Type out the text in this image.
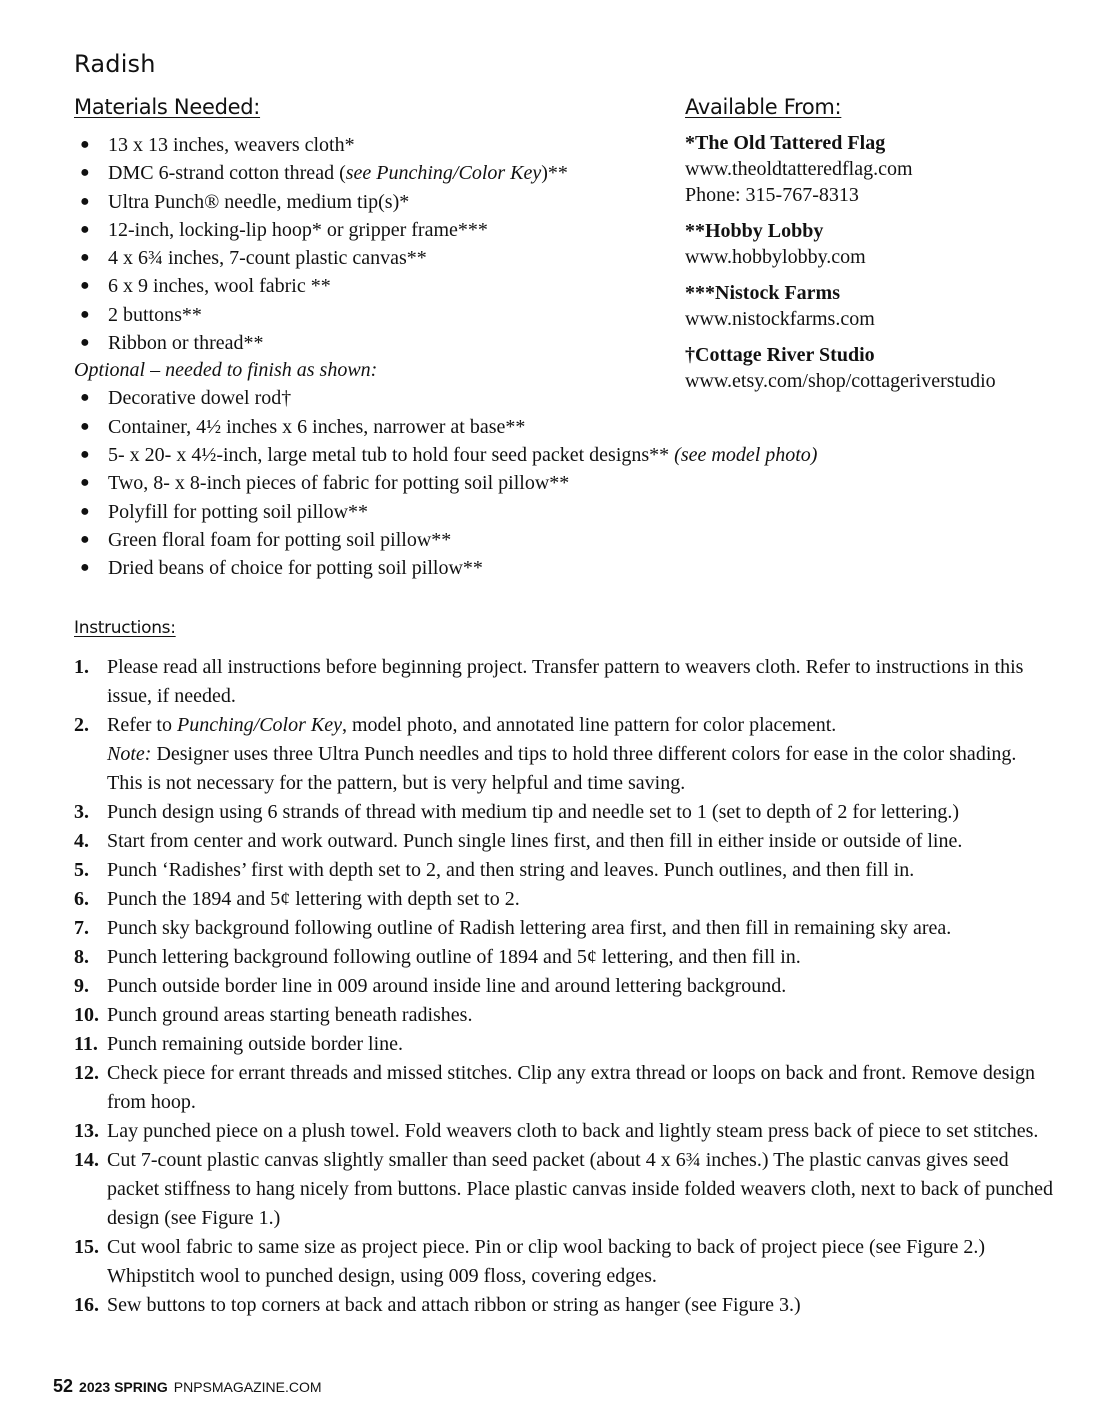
Radish
Materials Needed:	Available From:
● 13 x 13 inches, weavers cloth*
● DMC 6-strand cotton thread (see Punching/Color Key)**
● Ultra Punch® needle, medium tip(s)*
● 12-inch, locking-lip hoop* or gripper frame***
● 4 x 6¾ inches, 7-count plastic canvas**
● 6 x 9 inches, wool fabric **
● 2 buttons**
● Ribbon or thread**
Optional – needed to finish as shown:
● Decorative dowel rod†
● Container, 4½ inches x 6 inches, narrower at base**
● 5- x 20- x 4½-inch, large metal tub to hold four seed packet designs** (see model photo)
● Two, 8- x 8-inch pieces of fabric for potting soil pillow**
● Polyfill for potting soil pillow**
● Green floral foam for potting soil pillow**
● Dried beans of choice for potting soil pillow**
*The Old Tattered Flag
www.theoldtatteredflag.com
Phone: 315-767-8313
**Hobby Lobby
www.hobbylobby.com
***Nistock Farms
www.nistockfarms.com
†Cottage River Studio
www.etsy.com/shop/cottageriverstudio
Instructions:
1. Please read all instructions before beginning project. Transfer pattern to weavers cloth. Refer to instructions in this issue, if needed.
2. Refer to Punching/Color Key, model photo, and annotated line pattern for color placement.
Note: Designer uses three Ultra Punch needles and tips to hold three different colors for ease in the color shading. This is not necessary for the pattern, but is very helpful and time saving.
3. Punch design using 6 strands of thread with medium tip and needle set to 1 (set to depth of 2 for lettering.)
4. Start from center and work outward. Punch single lines first, and then fill in either inside or outside of line.
5. Punch ‘Radishes’ first with depth set to 2, and then string and leaves. Punch outlines, and then fill in.
6. Punch the 1894 and 5¢ lettering with depth set to 2.
7. Punch sky background following outline of Radish lettering area first, and then fill in remaining sky area.
8. Punch lettering background following outline of 1894 and 5¢ lettering, and then fill in.
9. Punch outside border line in 009 around inside line and around lettering background.
10. Punch ground areas starting beneath radishes.
11. Punch remaining outside border line.
12. Check piece for errant threads and missed stitches. Clip any extra thread or loops on back and front. Remove design from hoop.
13. Lay punched piece on a plush towel. Fold weavers cloth to back and lightly steam press back of piece to set stitches.
14. Cut 7-count plastic canvas slightly smaller than seed packet (about 4 x 6¾ inches.) The plastic canvas gives seed packet stiffness to hang nicely from buttons. Place plastic canvas inside folded weavers cloth, next to back of punched design (see Figure 1.)
15. Cut wool fabric to same size as project piece. Pin or clip wool backing to back of project piece (see Figure 2.) Whipstitch wool to punched design, using 009 floss, covering edges.
16. Sew buttons to top corners at back and attach ribbon or string as hanger (see Figure 3.)
52 2023 SPRING PNPSMAGAZINE.COM
